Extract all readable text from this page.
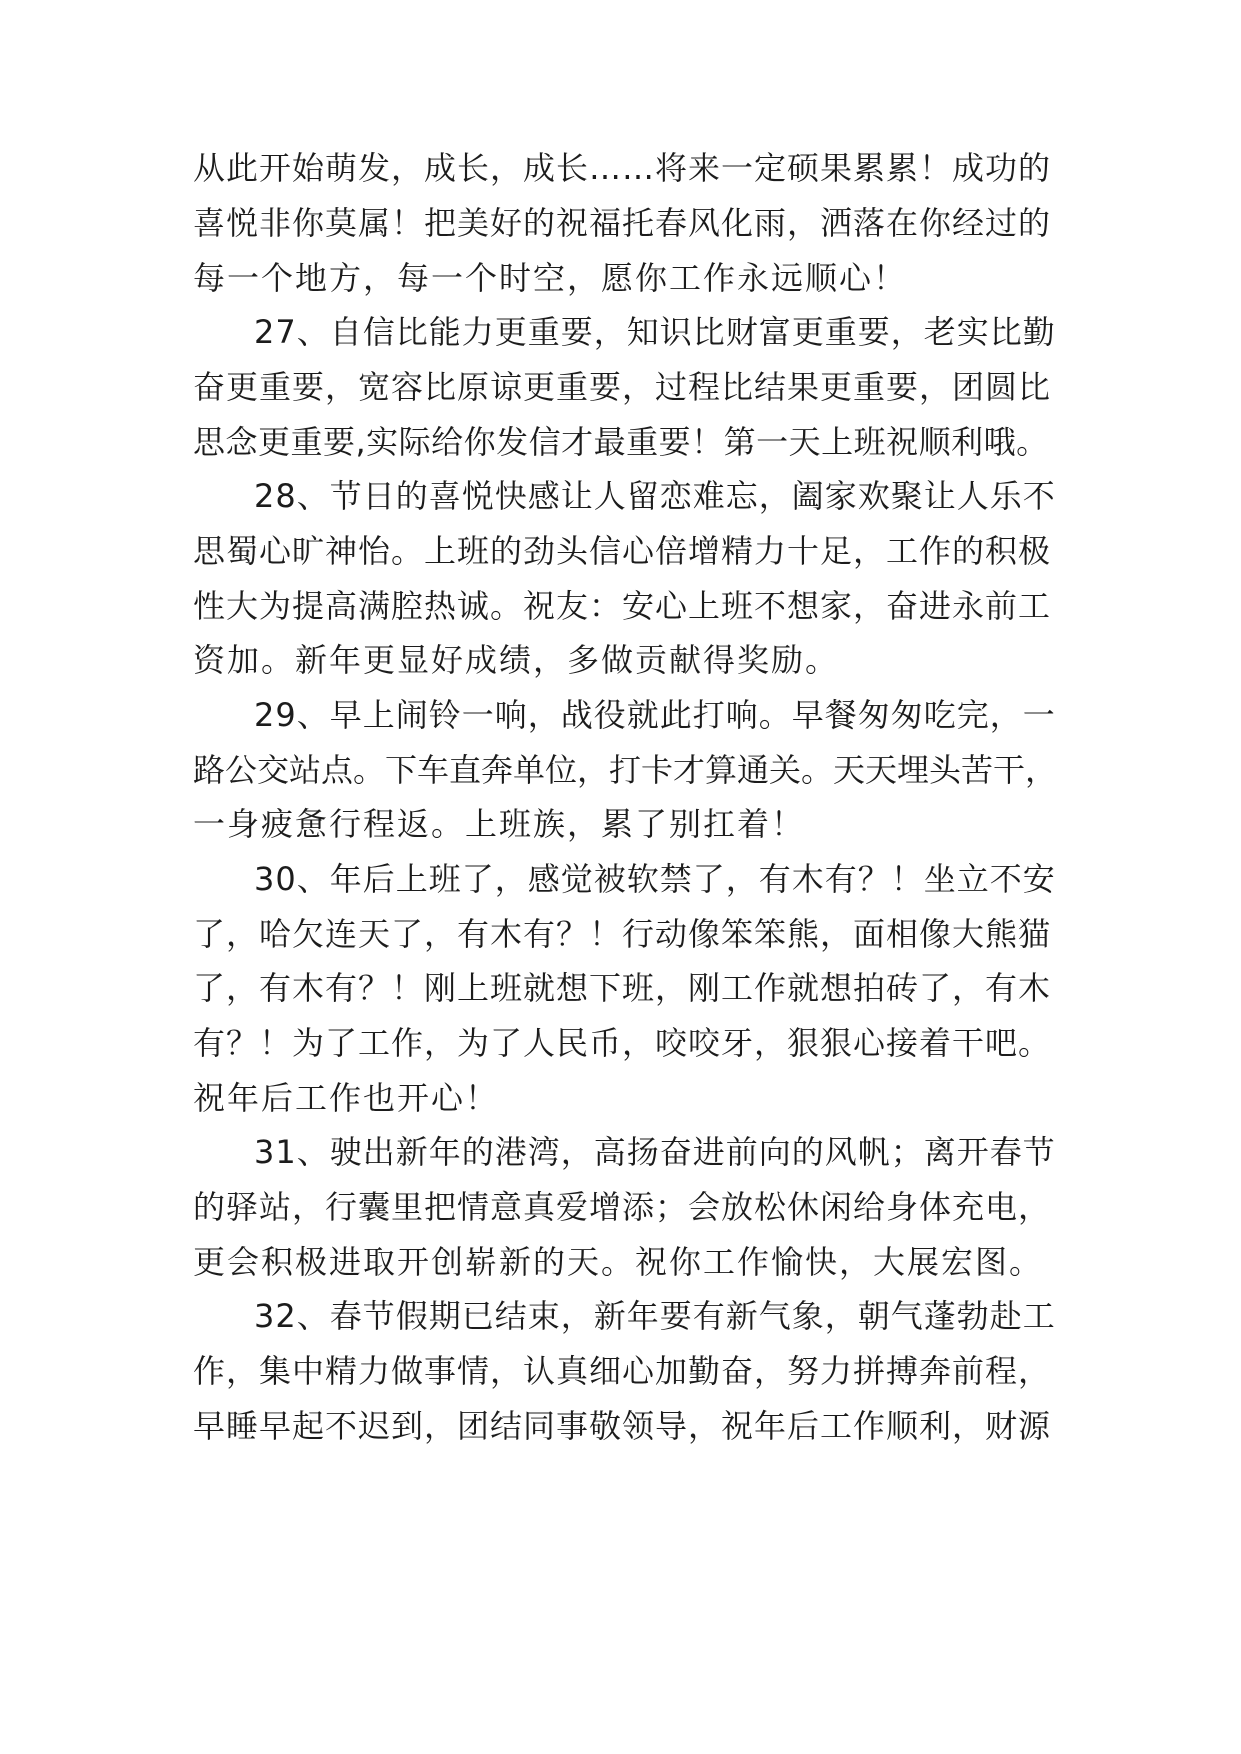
从此开始萌发，成长，成长……将来一定硕果累累！成功的
喜悦非你莫属！把美好的祝福托春风化雨，洒落在你经过的
每一个地方，每一个时空，愿你工作永远顺心！
27、自信比能力更重要，知识比财富更重要，老实比勤
奋更重要，宽容比原谅更重要，过程比结果更重要，团圆比
思念更重要,实际给你发信才最重要！第一天上班祝顺利哦。
28、节日的喜悦快感让人留恋难忘，阖家欢聚让人乐不
思蜀心旷神怡。上班的劲头信心倍增精力十足，工作的积极
性大为提高满腔热诚。祝友：安心上班不想家，奋进永前工
资加。新年更显好成绩，多做贡献得奖励。
29、早上闹铃一响，战役就此打响。早餐匆匆吃完，一
路公交站点。下车直奔单位，打卡才算通关。天天埋头苦干，
一身疲惫行程返。上班族，累了别扛着！
30、年后上班了，感觉被软禁了，有木有？！坐立不安
了，哈欠连天了，有木有？！行动像笨笨熊，面相像大熊猫
了，有木有？！刚上班就想下班，刚工作就想拍砖了，有木
有？！为了工作，为了人民币，咬咬牙，狠狠心接着干吧。
祝年后工作也开心！
31、驶出新年的港湾，高扬奋进前向的风帆；离开春节
的驿站，行囊里把情意真爱增添；会放松休闲给身体充电，
更会积极进取开创崭新的天。祝你工作愉快，大展宏图。
32、春节假期已结束，新年要有新气象，朝气蓬勃赴工
作，集中精力做事情，认真细心加勤奋，努力拼搏奔前程，
早睡早起不迟到，团结同事敬领导，祝年后工作顺利，财源
